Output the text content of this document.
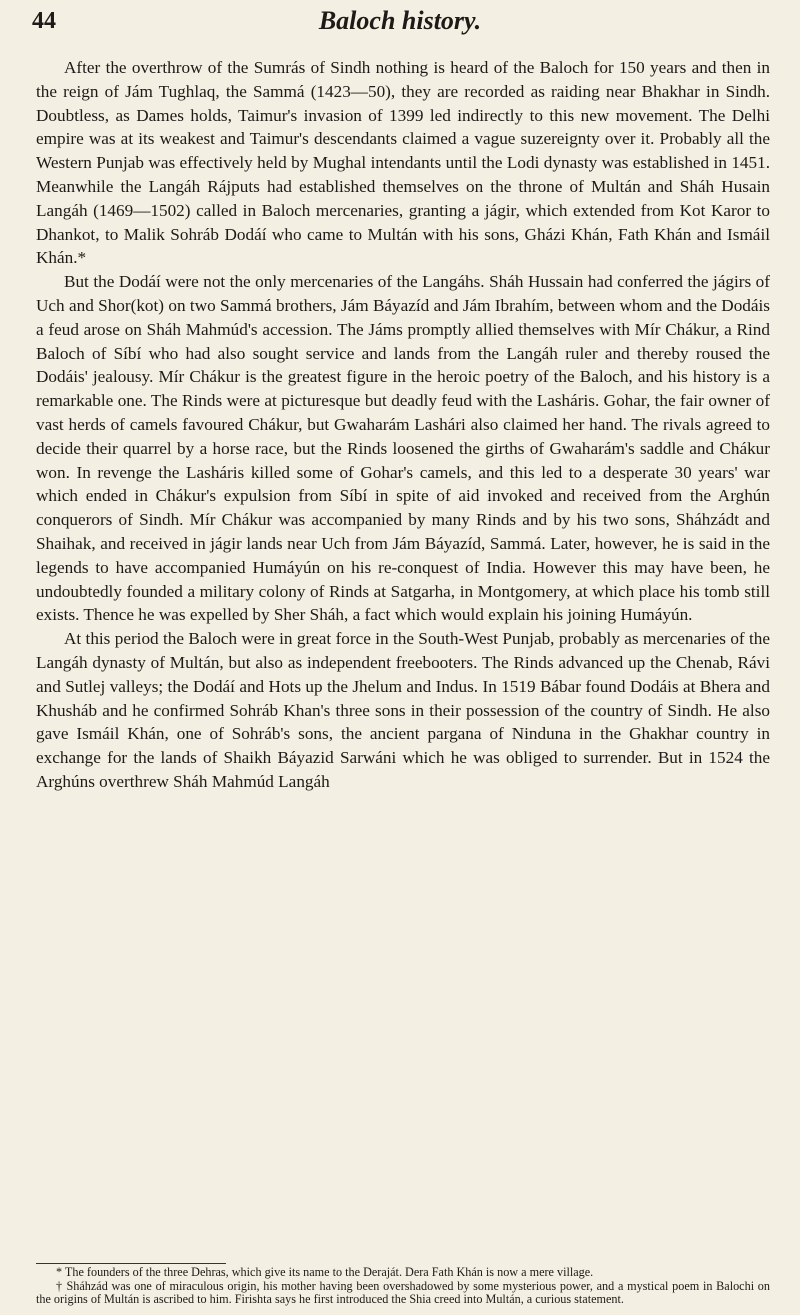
44	Baloch history.

After the overthrow of the Sumrás of Sindh nothing is heard of the Baloch for 150 years and then in the reign of Jám Tughlaq, the Sammá (1423—50), they are recorded as raiding near Bhakhar in Sindh. Doubtless, as Dames holds, Taimur's invasion of 1399 led indirectly to this new movement. The Delhi empire was at its weakest and Taimur's descendants claimed a vague suzereignty over it. Probably all the Western Punjab was effectively held by Mughal intendants until the Lodi dynasty was established in 1451. Meanwhile the Langáh Rájputs had established themselves on the throne of Multán and Sháh Husain Langáh (1469—1502) called in Baloch mercenaries, granting a jágir, which extended from Kot Karor to Dhankot, to Malik Sohráb Dodáí who came to Multán with his sons, Gházi Khán, Fath Khán and Ismáil Khán.*

But the Dodáí were not the only mercenaries of the Langáhs. Sháh Hussain had conferred the jágirs of Uch and Shor(kot) on two Sammá brothers, Jám Báyazíd and Jám Ibrahím, between whom and the Dodáis a feud arose on Sháh Mahmúd's accession. The Jáms promptly allied themselves with Mír Chákur, a Rind Baloch of Síbí who had also sought service and lands from the Langáh ruler and thereby roused the Dodáis' jealousy. Mír Chákur is the greatest figure in the heroic poetry of the Baloch, and his history is a remarkable one. The Rinds were at picturesque but deadly feud with the Lasháris. Gohar, the fair owner of vast herds of camels favoured Chákur, but Gwaharám Lashári also claimed her hand. The rivals agreed to decide their quarrel by a horse race, but the Rinds loosened the girths of Gwaharám's saddle and Chákur won. In revenge the Lasháris killed some of Gohar's camels, and this led to a desperate 30 years' war which ended in Chákur's expulsion from Síbí in spite of aid invoked and received from the Arghún conquerors of Sindh. Mír Chákur was accompanied by many Rinds and by his two sons, Sháhzádt and Shaihak, and received in jágir lands near Uch from Jám Báyazíd, Sammá. Later, however, he is said in the legends to have accompanied Humáyún on his re-conquest of India. However this may have been, he undoubtedly founded a military colony of Rinds at Satgarha, in Montgomery, at which place his tomb still exists. Thence he was expelled by Sher Sháh, a fact which would explain his joining Humáyún.

At this period the Baloch were in great force in the South-West Punjab, probably as mercenaries of the Langáh dynasty of Multán, but also as independent freebooters. The Rinds advanced up the Chenab, Rávi and Sutlej valleys; the Dodáí and Hots up the Jhelum and Indus. In 1519 Bábar found Dodáis at Bhera and Khusháb and he confirmed Sohráb Khan's three sons in their possession of the country of Sindh. He also gave Ismáil Khán, one of Sohráb's sons, the ancient pargana of Ninduna in the Ghakhar country in exchange for the lands of Shaikh Báyazid Sarwáni which he was obliged to surrender. But in 1524 the Arghúns overthrew Sháh Mahmúd Langáh

* The founders of the three Dehras, which give its name to the Deraját. Dera Fath Khán is now a mere village.

† Sháhzád was one of miraculous origin, his mother having been overshadowed by some mysterious power, and a mystical poem in Balochi on the origins of Multán is ascribed to him. Firishta says he first introduced the Shia creed into Multán, a curious statement.
